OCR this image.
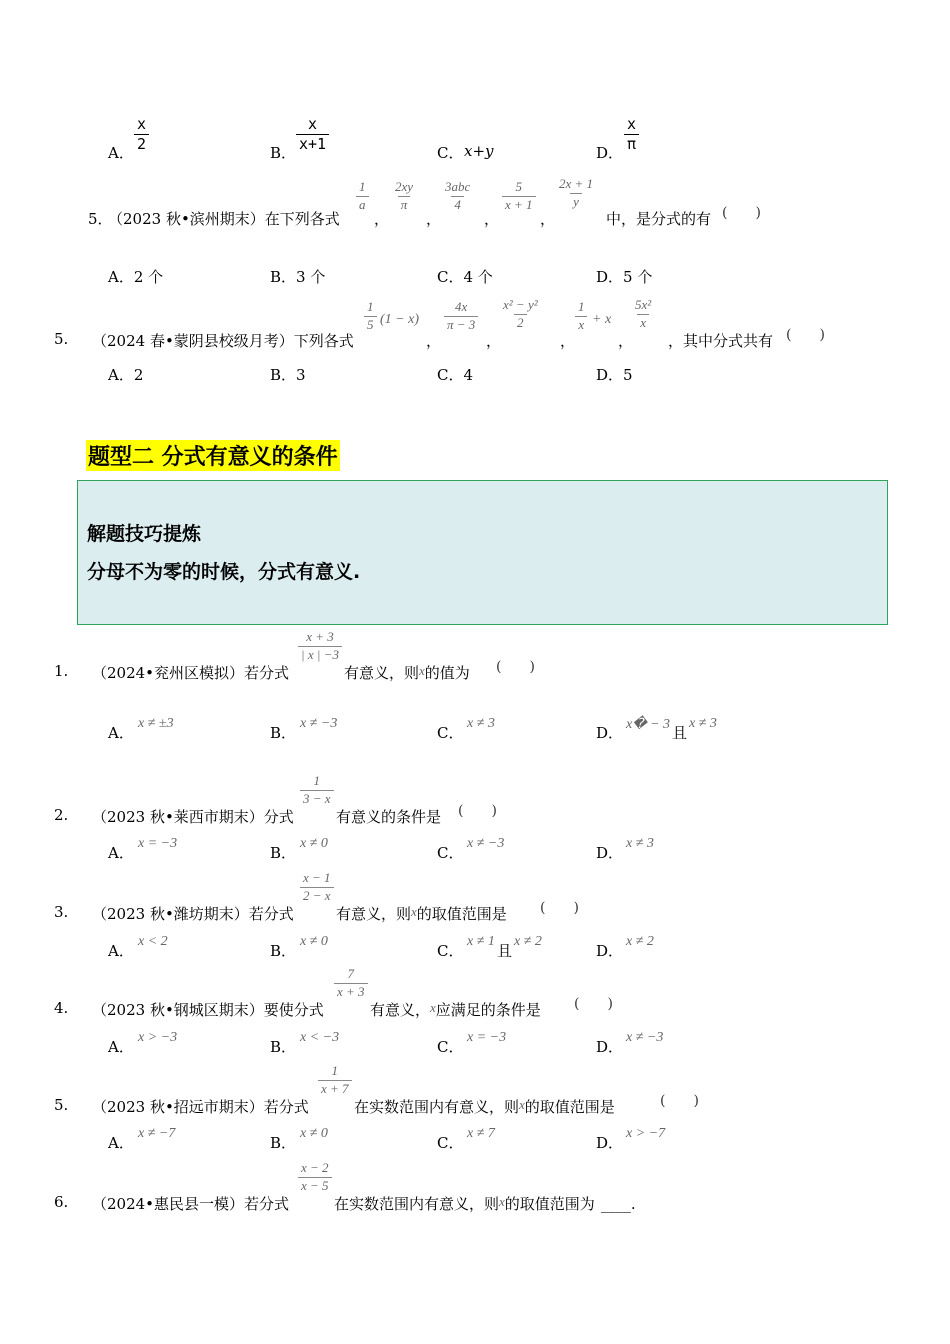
A． $\frac{x}{2}$	B． $\frac{x}{x+1}$	C． x+y	D． $\frac{x}{\pi}$
5．
（2023 秋•滨州期末）在下列各式
$\frac{1}{a}$
，
$\frac{2xy}{\pi}$
，
3abc
4
，
$\frac{5}{x + 1}$
，
$\frac{2x + 1}{y}$
中，是分式的有 (　　)
A．2 个	B．3 个	C．4 个	D．5 个
5. （2024 春•蒙阴县校级月考）下列各式
$\frac{1}{5} (1 - x)$
，
$\frac{4x}{\pi - 3}$
，
$\frac{\text{x² − y²}}{2}$
，
$\frac{1}{x} + x$
，
$\frac{\text{5x²}}{x}$
，其中分式共有 (　　)
A．2	B．3	C．4	D．5
题型二 分式有意义的条件
解题技巧提炼
分母不为零的时候，分式有意义.
1. （2024•兖州区模拟）若分式
$\frac{x + 3}{| x | -3}$
有意义，则x的值为 (　　)
A．
x ≠ ±3
B．
x ≠ −3
C．
x ≠ 3
D． x� − 3 且
x ≠ 3
2. （2023 秋•莱西市期末）分式
$\frac{1}{3 - x}$
有意义的条件是 (　　)
A．
x = −3
B．
x ≠ 0
C．
x ≠ −3
D．
x ≠ 3
3. （2023 秋•潍坊期末）若分式
$\frac{x - 1}{2 - x}$
有意义，则x的取值范围是 (　　)
A．
x < 2
B．
x ≠ 0
C．
x ≠ 1
且
x ≠ 2
D．
x ≠ 2
4. （2023 秋•钢城区期末）要使分式
$\frac{7}{x + 3}$
有意义，x应满足的条件是 (　　)
A．
x > −3
B．
x < −3
C．
x = −3
D．
x ≠ −3
5. （2023 秋•招远市期末）若分式
$\frac{1}{x + 7}$
在实数范围内有意义，则x的取值范围是	(　　)
A．
x ≠ −7
B．
x ≠ 0
C．
x ≠ 7
D．
x > −7
6. （2024•惠民县一模）若分式
$\frac{x - 2}{x - 5}$
在实数范围内有意义，则x的取值范围为 ____.
